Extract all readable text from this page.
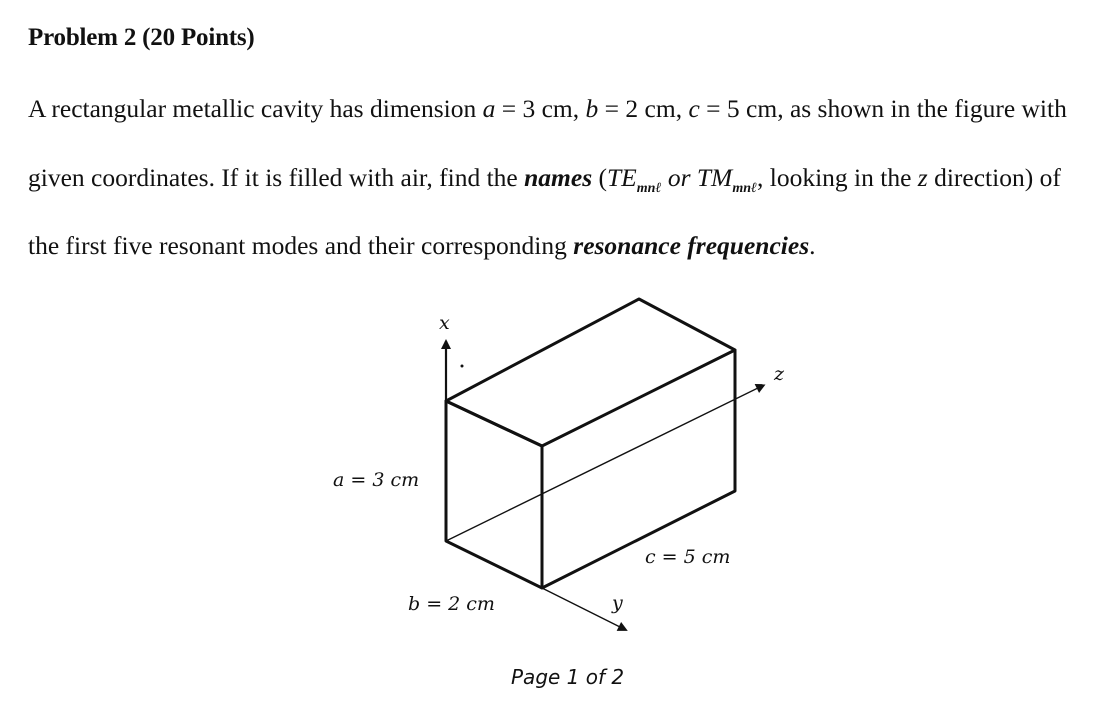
Problem 2 (20 Points)
A rectangular metallic cavity has dimension a = 3 cm, b = 2 cm, c = 5 cm, as shown in the figure with
given coordinates. If it is filled with air, find the names ($TE_{mn\ell}$ or $TM_{mn\ell}$, looking in the z direction) of
the first five resonant modes and their corresponding resonance frequencies.
x
z
y
a = 3 cm
b = 2 cm
c = 5 cm
Page 1 of 2
